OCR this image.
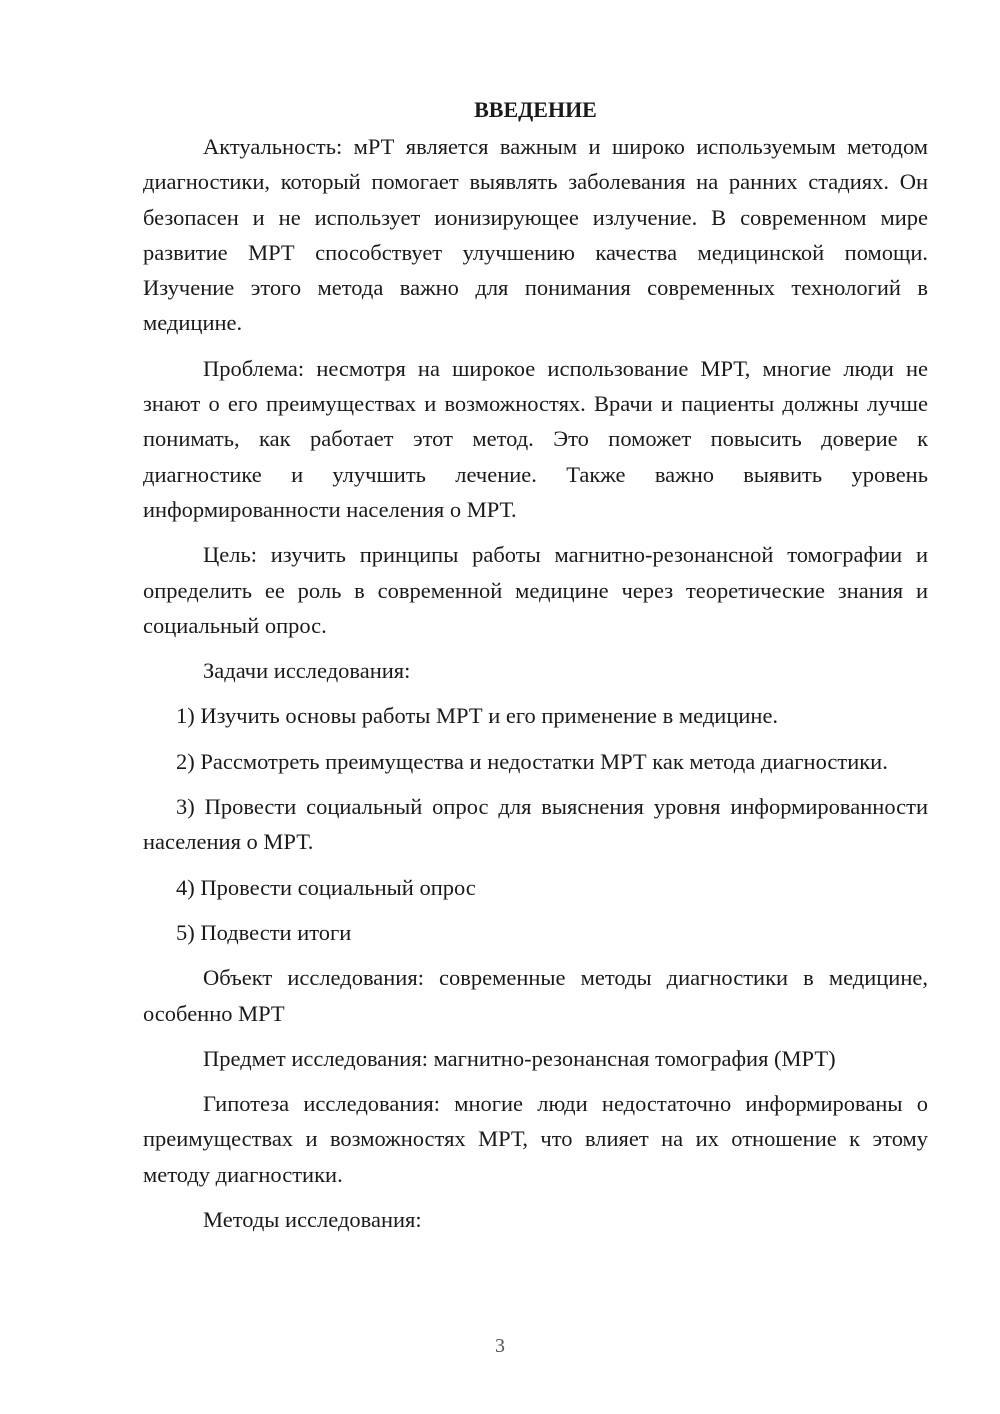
ВВЕДЕНИЕ

Актуальность: мРТ является важным и широко используемым методом диагностики, который помогает выявлять заболевания на ранних стадиях. Он безопасен и не использует ионизирующее излучение. В современном мире развитие МРТ способствует улучшению качества медицинской помощи. Изучение этого метода важно для понимания современных технологий в медицине.

Проблема: несмотря на широкое использование МРТ, многие люди не знают о его преимуществах и возможностях. Врачи и пациенты должны лучше понимать, как работает этот метод. Это поможет повысить доверие к диагностике и улучшить лечение. Также важно выявить уровень информированности населения о МРТ.

Цель: изучить принципы работы магнитно-резонансной томографии и определить ее роль в современной медицине через теоретические знания и социальный опрос.

Задачи исследования:

1) Изучить основы работы МРТ и его применение в медицине.

2) Рассмотреть преимущества и недостатки МРТ как метода диагностики.

3) Провести социальный опрос для выяснения уровня информированности населения о МРТ.

4) Провести социальный опрос

5) Подвести итоги

Объект исследования: современные методы диагностики в медицине, особенно МРТ

Предмет исследования: магнитно-резонансная томография (МРТ)

Гипотеза исследования: многие люди недостаточно информированы о преимуществах и возможностях МРТ, что влияет на их отношение к этому методу диагностики.

Методы исследования:

3
